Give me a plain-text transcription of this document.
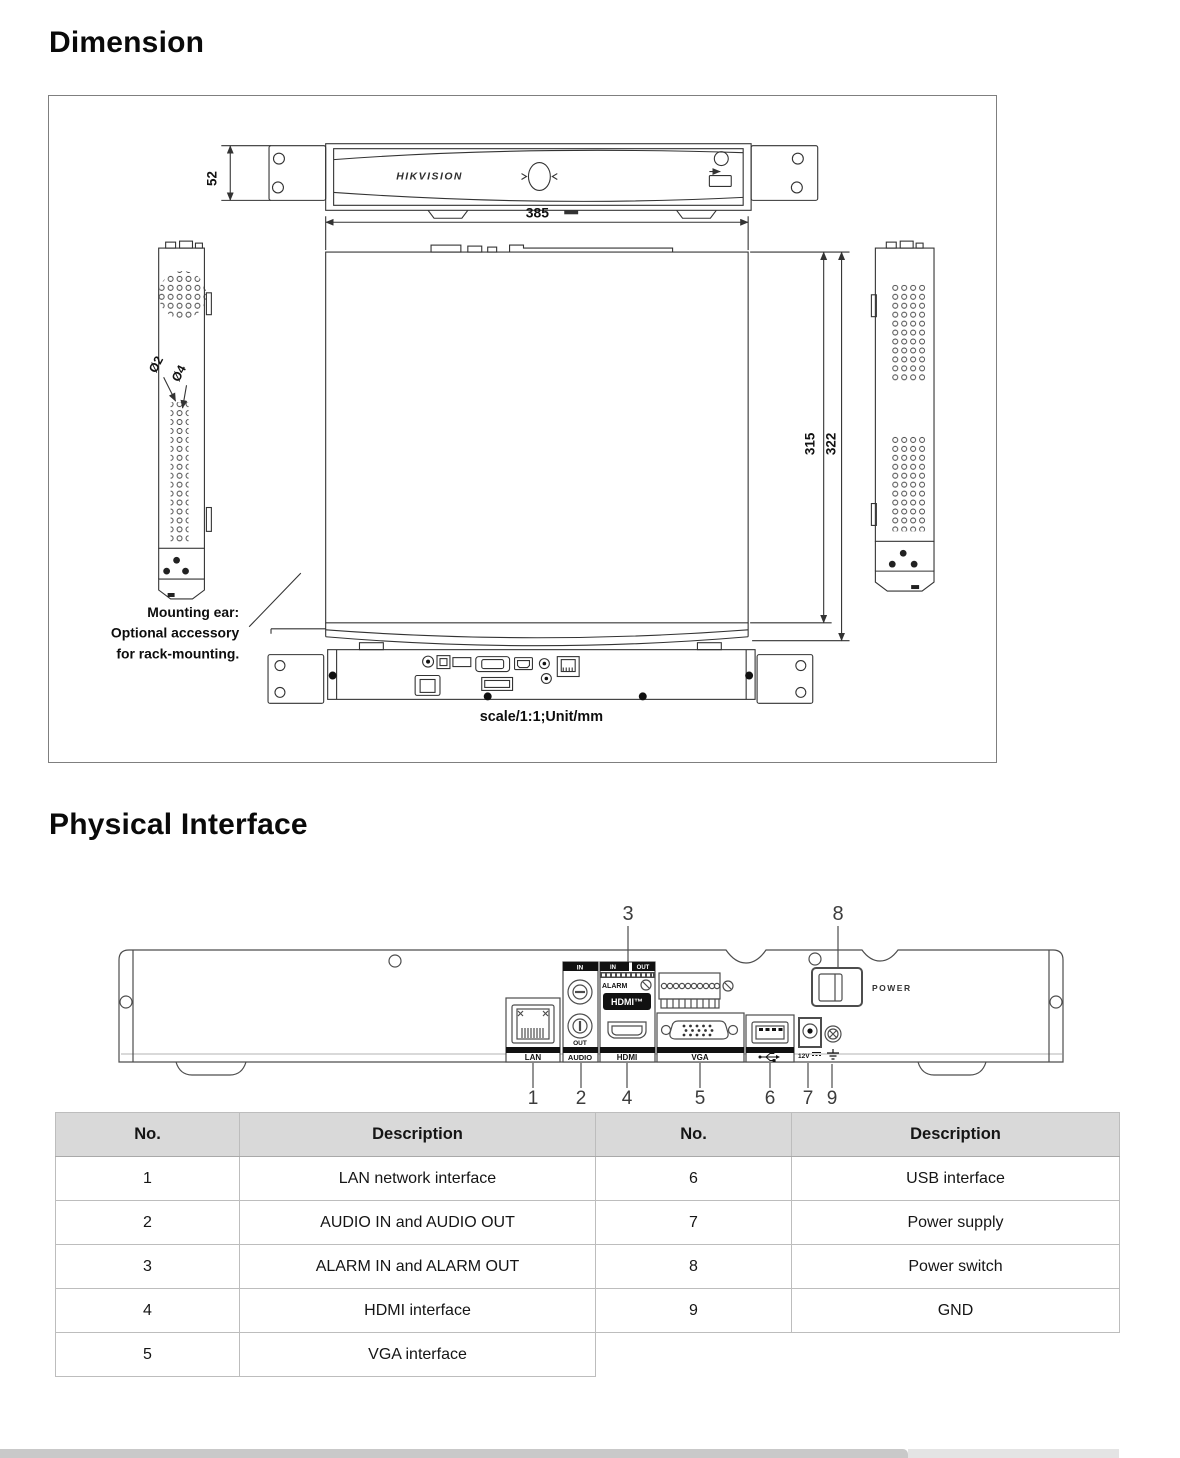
Dimension
HIKVISION
52
385
315 322
Ø2 Ø4
Mounting ear:
Optional accessory
for rack-mounting.
scale/1:1;Unit/mm
Physical Interface
3	8
LAN
IN
OUT
AUDIO
IN	OUT
ALARM
HDMI™
HDMI	VGA	12V
POWER
1 2 4	5	6 7 9
No.	Description	No.	Description
1	LAN network interface	6	USB interface
2	AUDIO IN and AUDIO OUT	7	Power supply
3	ALARM IN and ALARM OUT	8	Power switch
4	HDMI interface	9	GND
5	VGA interface		
